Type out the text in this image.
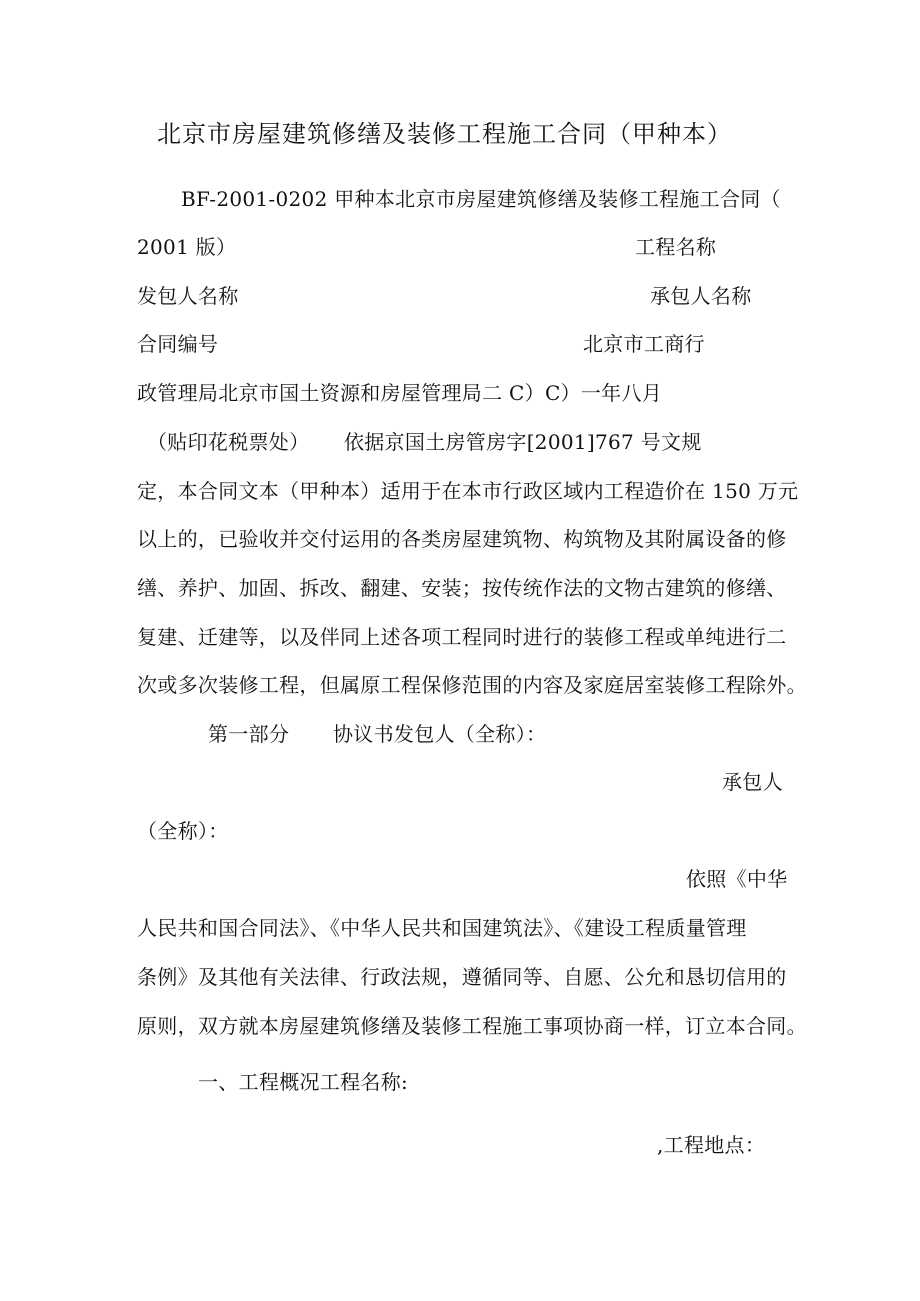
北京市房屋建筑修缮及装修工程施工合同（甲种本）
BF-2001-0202 甲种本北京市房屋建筑修缮及装修工程施工合同（
2001 版）	工程名称
发包人名称	承包人名称
合同编号	北京市工商行
政管理局北京市国土资源和房屋管理局二 C）C）一年八月
（贴印花税票处） 依据京国土房管房字[2001]767 号文规
定，本合同文本（甲种本）适用于在本市行政区域内工程造价在 150 万元
以上的，已验收并交付运用的各类房屋建筑物、构筑物及其附属设备的修
缮、养护、加固、拆改、翻建、安装；按传统作法的文物古建筑的修缮、
复建、迁建等，以及伴同上述各项工程同时进行的装修工程或单纯进行二
次或多次装修工程，但属原工程保修范围的内容及家庭居室装修工程除外。
第一部分 协议书发包人（全称）：
承包人
（全称）：
依照《中华
人民共和国合同法》、《中华人民共和国建筑法》、《建设工程质量管理
条例》及其他有关法律、行政法规，遵循同等、自愿、公允和恳切信用的
原则，双方就本房屋建筑修缮及装修工程施工事项协商一样，订立本合同。
一、工程概况工程名称:
,工程地点：
